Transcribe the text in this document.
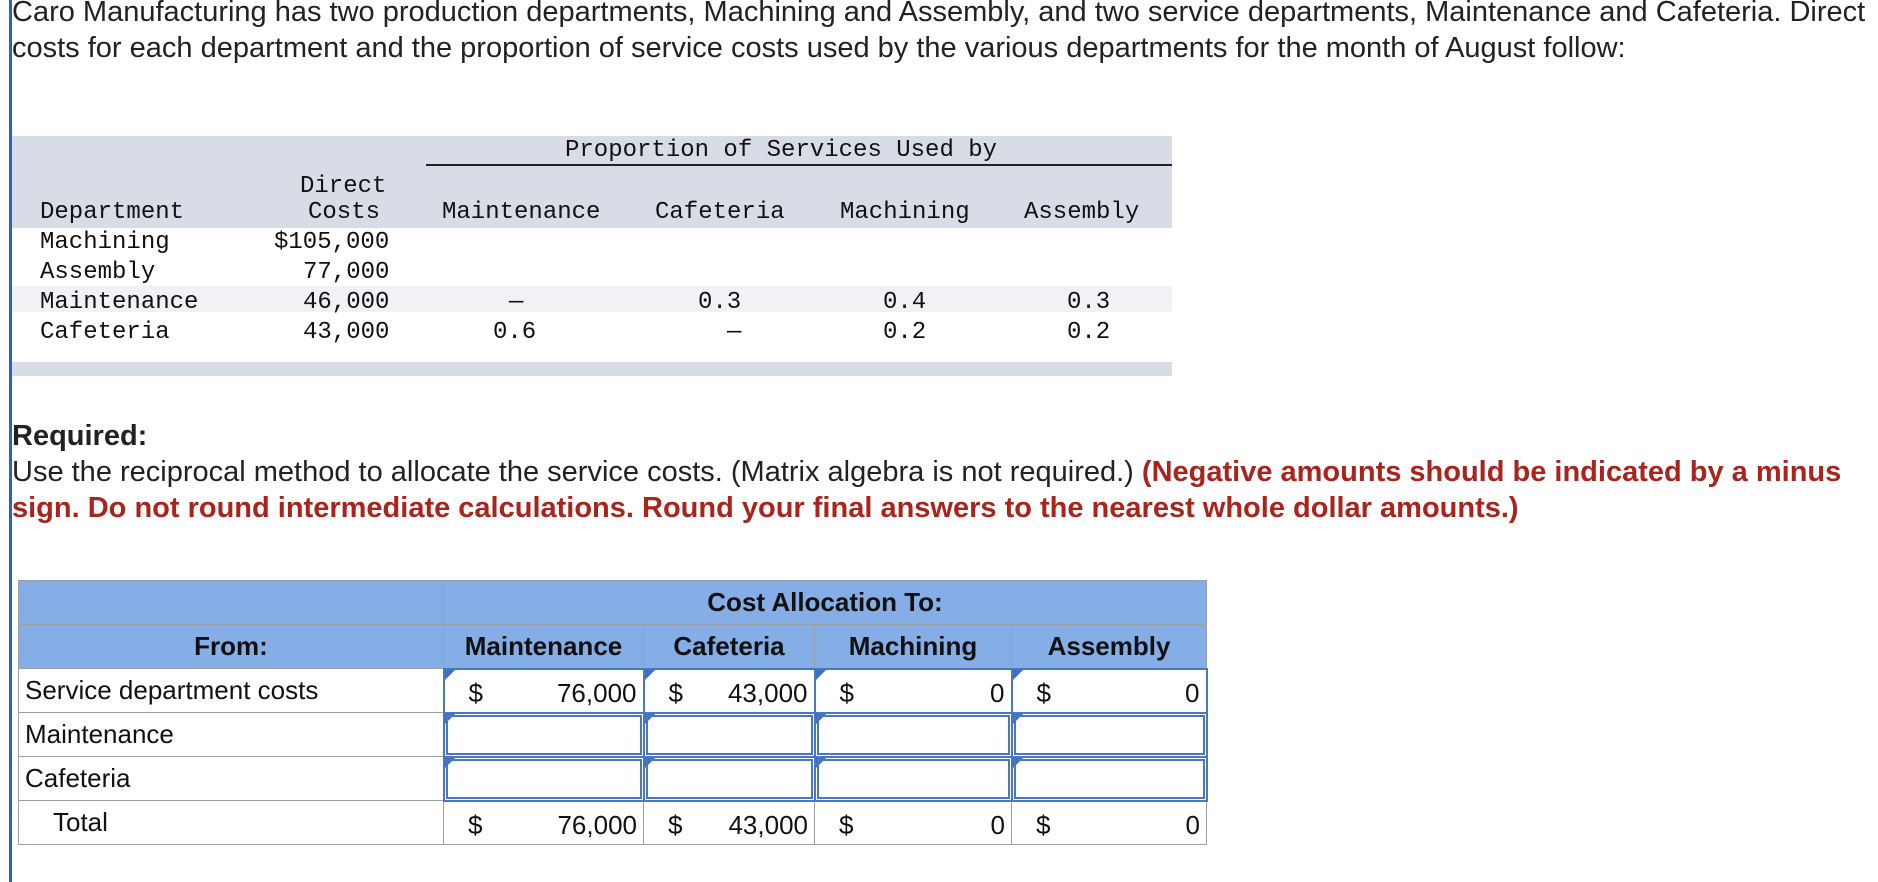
Caro Manufacturing has two production departments, Machining and Assembly, and two service departments, Maintenance and Cafeteria. Direct costs for each department and the proportion of service costs used by the various departments for the month of August follow:
Proportion of Services Used by
Direct
Department	Costs	Maintenance Cafeteria Machining Assembly
Machining	$105,000
Assembly	77,000
Maintenance	46,000	—	0.3	0.4	0.3
Cafeteria	43,000	0.6	—	0.2	0.2
Required:
Use the reciprocal method to allocate the service costs. (Matrix algebra is not required.) (Negative amounts should be indicated by a minus sign. Do not round intermediate calculations. Round your final answers to the nearest whole dollar amounts.)
	Cost Allocation To:			
From:	Maintenance	Cafeteria	Machining	Assembly
Service department costs	$ 76,000	$ 43,000	$ 0	$ 0

Maintenance	

Cafeteria	

Total	$ 76,000	$ 43,000	$ 0	$ 0
